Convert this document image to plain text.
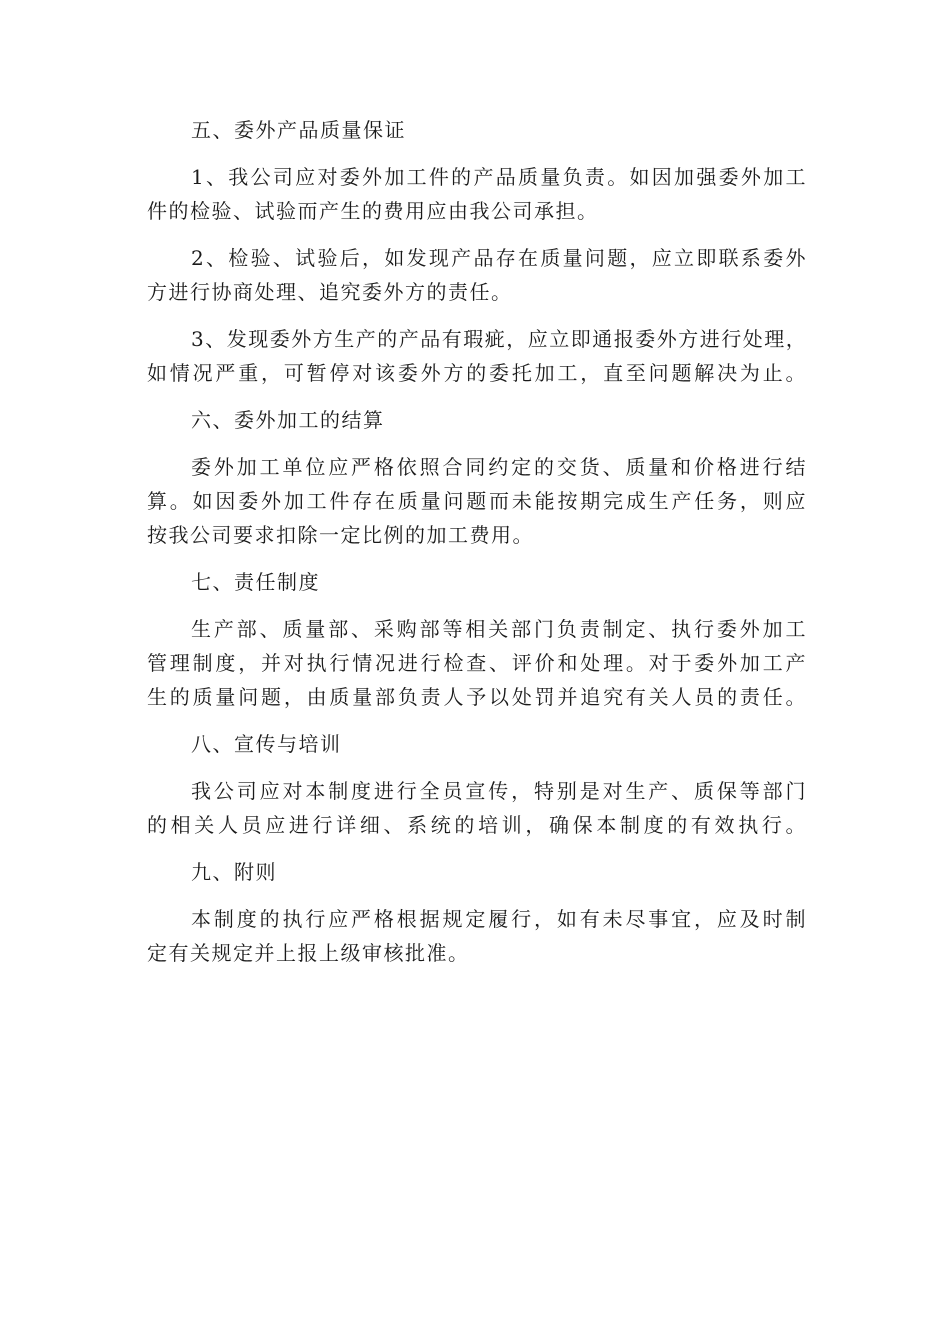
五、委外产品质量保证
1、我公司应对委外加工件的产品质量负责。如因加强委外加工
件的检验、试验而产生的费用应由我公司承担。
2、检验、试验后，如发现产品存在质量问题，应立即联系委外
方进行协商处理、追究委外方的责任。
3、发现委外方生产的产品有瑕疵，应立即通报委外方进行处理，
如情况严重，可暂停对该委外方的委托加工，直至问题解决为止。
六、委外加工的结算
委外加工单位应严格依照合同约定的交货、质量和价格进行结
算。如因委外加工件存在质量问题而未能按期完成生产任务，则应
按我公司要求扣除一定比例的加工费用。
七、责任制度
生产部、质量部、采购部等相关部门负责制定、执行委外加工
管理制度，并对执行情况进行检查、评价和处理。对于委外加工产
生的质量问题，由质量部负责人予以处罚并追究有关人员的责任。
八、宣传与培训
我公司应对本制度进行全员宣传，特别是对生产、质保等部门
的相关人员应进行详细、系统的培训，确保本制度的有效执行。
九、附则
本制度的执行应严格根据规定履行，如有未尽事宜，应及时制
定有关规定并上报上级审核批准。
